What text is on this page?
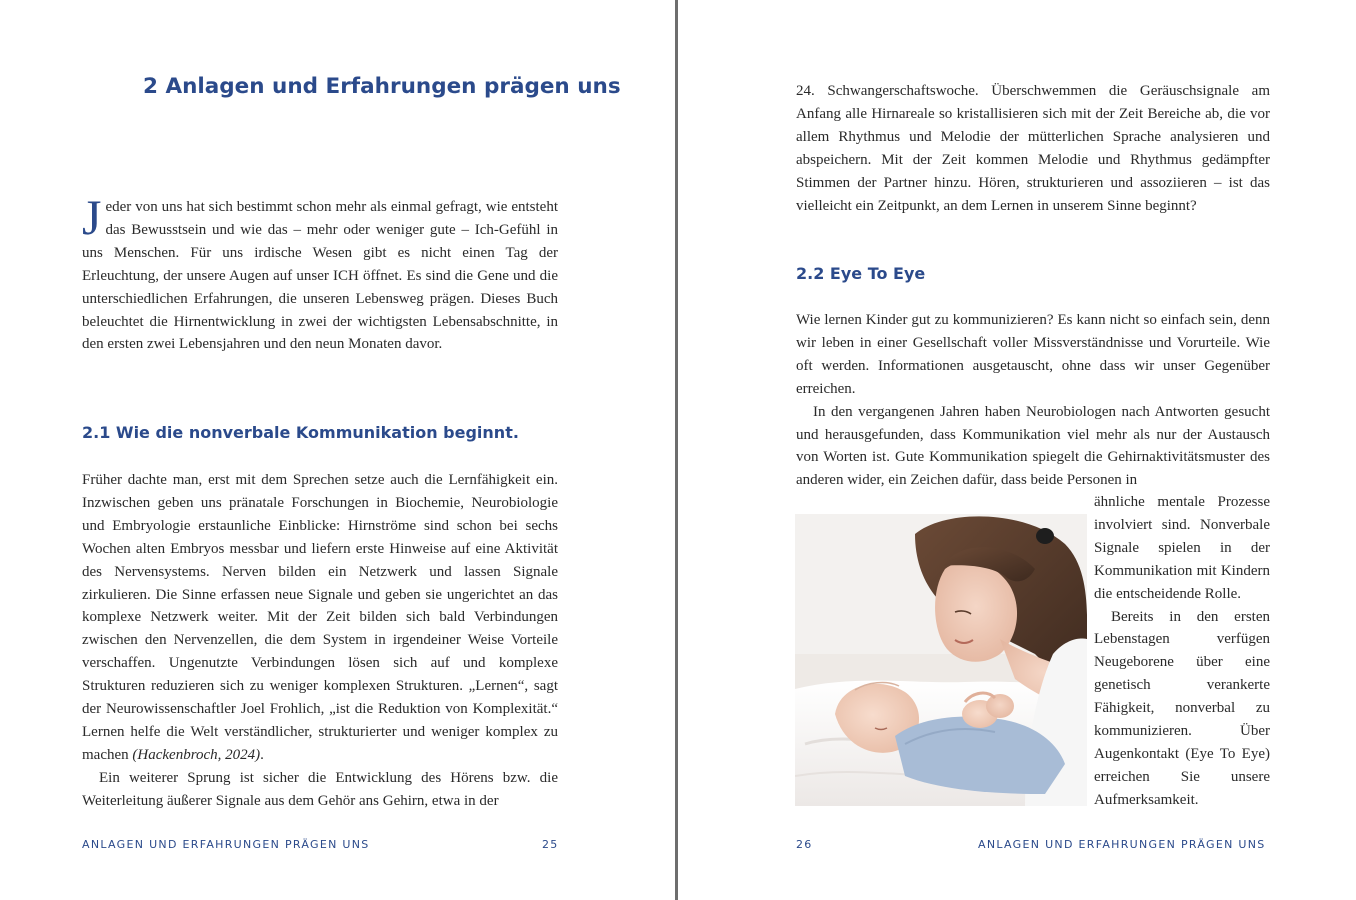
2 Anlagen und Erfahrungen prägen uns

Jeder von uns hat sich bestimmt schon mehr als einmal gefragt, wie entsteht das Bewusstsein und wie das – mehr oder weniger gute – Ich-Gefühl in uns Menschen. Für uns irdische Wesen gibt es nicht einen Tag der Erleuchtung, der unsere Augen auf unser ICH öffnet. Es sind die Gene und die unterschiedlichen Erfahrungen, die unseren Lebensweg prägen. Dieses Buch beleuchtet die Hirnentwicklung in zwei der wichtigsten Lebensabschnitte, in den ersten zwei Lebensjahren und den neun Monaten davor.

2.1 Wie die nonverbale Kommunikation beginnt.

Früher dachte man, erst mit dem Sprechen setze auch die Lernfähigkeit ein. Inzwischen geben uns pränatale Forschungen in Biochemie, Neurobiologie und Embryologie erstaunliche Einblicke: Hirnströme sind schon bei sechs Wochen alten Embryos messbar und liefern erste Hinweise auf eine Aktivität des Nervensystems. Nerven bilden ein Netzwerk und lassen Signale zirkulieren. Die Sinne erfassen neue Signale und geben sie ungerichtet an das komplexe Netzwerk weiter. Mit der Zeit bilden sich bald Verbindungen zwischen den Nervenzellen, die dem System in irgendeiner Weise Vorteile verschaffen. Ungenutzte Verbindungen lösen sich auf und komplexe Strukturen reduzieren sich zu weniger komplexen Strukturen. „Lernen“, sagt der Neurowissenschaftler Joel Frohlich, „ist die Reduktion von Komplexität.“ Lernen helfe die Welt verständlicher, strukturierter und weniger komplex zu machen (Hackenbroch, 2024).

Ein weiterer Sprung ist sicher die Entwicklung des Hörens bzw. die Weiterleitung äußerer Signale aus dem Gehör ans Gehirn, etwa in der

ANLAGEN UND ERFAHRUNGEN PRÄGEN UNS	25
24. Schwangerschaftswoche. Überschwemmen die Geräuschsignale am Anfang alle Hirnareale so kristallisieren sich mit der Zeit Bereiche ab, die vor allem Rhythmus und Melodie der mütterlichen Sprache analysieren und abspeichern. Mit der Zeit kommen Melodie und Rhythmus gedämpfter Stimmen der Partner hinzu. Hören, strukturieren und assoziieren – ist das vielleicht ein Zeitpunkt, an dem Lernen in unserem Sinne beginnt?
2.2 Eye To Eye

Wie lernen Kinder gut zu kommunizieren? Es kann nicht so einfach sein, denn wir leben in einer Gesellschaft voller Missverständnisse und Vorurteile. Wie oft werden. Informationen ausgetauscht, ohne dass wir unser Gegenüber erreichen.

In den vergangenen Jahren haben Neurobiologen nach Antworten gesucht und herausgefunden, dass Kommunikation viel mehr als nur der Austausch von Worten ist. Gute Kommunikation spiegelt die Gehirnaktivitätsmuster des anderen wider, ein Zeichen dafür, dass beide Personen in

ähnliche mentale Prozesse involviert sind. Nonverbale Signale spielen in der Kommunikation mit Kindern die entscheidende Rolle.

Bereits in den ersten Lebenstagen verfügen Neugeborene über eine genetisch verankerte Fähigkeit, nonverbal zu kommunizieren. Über Augenkontakt (Eye To Eye) erreichen Sie unsere Aufmerksamkeit.

26	ANLAGEN UND ERFAHRUNGEN PRÄGEN UNS
